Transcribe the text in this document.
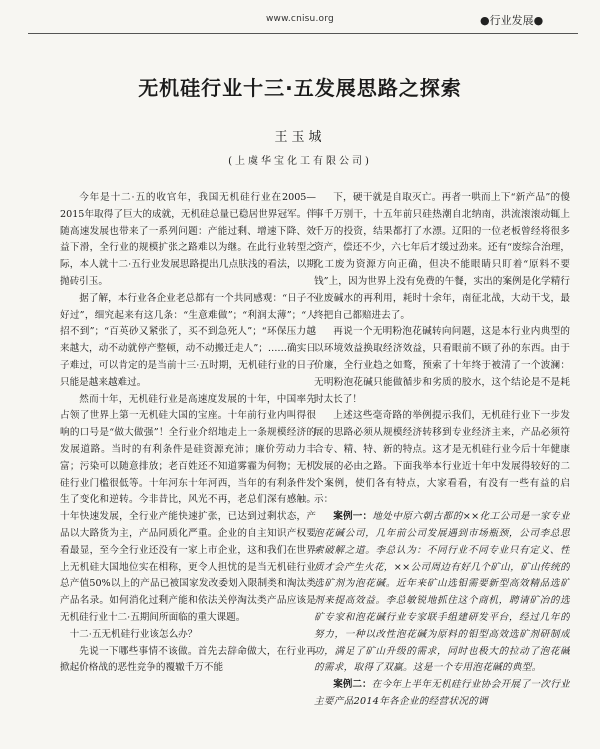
www.cnisu.org	●行业发展●
无机硅行业十三·五发展思路之探索
王玉城
(上虞华宝化工有限公司)

今年是十二·五的收官年，我国无机硅行业在2005—2015年取得了巨大的成就，无机硅总量已稳居世界冠军。伴随高速发展也带来了一系列问题：产能过剩、增速下降、效益下滑，全行业的规模扩张之路难以为继。在此行业转型之际，本人就十二·五行业发展思路提出几点肤浅的看法，以期抛砖引玉。

据了解，本行业各企业老总都有一个共同感观：“日子不好过”，细究起来有这几条：“生意难做”；“利润太薄”；“人招不到”；“百英砂又紧张了，买不到急死人”；“环保压力越来越大，动不动就停产整顿，动不动搬迁走人”；……确实日子难过，可以肯定的是当前十三·五时期，无机硅行业的日子只能是越来越难过。

然而十年，无机硅行业是高速度发展的十年，中国率先占领了世界上第一无机硅大国的宝座。十年前行业内叫得很响的口号是“做大做强”！全行业介绍地走上一条规模经济的发展道路。当时的有利条件是硅资源充沛；廉价劳动力丰富；污染可以随意排放；老百姓还不知道雾霾为何物；无机硅行业门槛很低等。十年河东十年河西，当年的有利条件发生了变化和逆转。今非昔比，风光不再，老总们深有感触。十年快速发展，全行业产能快速扩张，已达到过剩状态，产品以大路货为主，产品同质化严重。企业的自主知识产权要看最显，至今全行业还没有一家上市企业，这和我们在世界上无机硅大国地位实在相称，更令人担忧的是当无机硅行业总产值50%以上的产品已被国家发改委划入限制类和淘汰类产品名录。如何消化过剩产能和依法关停淘汰类产品应该是无机硅行业十二·五期间所面临的重大课题。

十二·五无机硅行业该怎么办？

先说一下哪些事情不该做。首先去辞命做大，在行业再掀起价格战的恶性竞争的覆辙千万不能

下，硬干就是自取灭亡。再者一哄而上下“新产品”的傻事千万别干，十五年前只硅热潮自北纳南，洪流滚滚动辄上千万的投资，结果都打了水漂。辽阳的一位老板曾经将很多资产，偿还不少，六七年后才缓过劲来。还有“废综合治理，化工废为资源方向正确，但决不能眼睛只盯着“原料不要钱”上，因为世界上没有免费的午餐，实出的案例是化学精行业废碱水的再利用，耗时十余年，南征北战，大动干戈，最终把自己都赔进去了。

再说一个无明粉泡花碱转向问题，这是本行业内典型的以环境效益换取经济效益，只看眼前不顾了孙的东西。由于价廉，全行业趋之如鹜，预索了十年终于被清了一个波澜：无明粉泡花碱只能做循步和劣质的胶水，这个结论是不是耗时太长了！

上述这些毫奇路的举例提示我们，无机硅行业下一步发展的思路必须从规模经济转移到专业经济主来，产品必须符合专、精、特、新的特点。这才是无机硅行业今后十年健康发展的必由之路。下面我举本行业近十年中发展得较好的二个案例，使们各有特点，大家看看，有没有一些有益的启示：

案例一：地处中原六朝古都的××化工公司是一家专业泡花碱公司，几年前公司发展遇到市场瓶颈，公司李总思索破解之道。李总认为：不同行业不同专业只有定义、性质才会产生火花，××公司周边有好几个矿山，矿山传统的选矿剂为泡花碱。近年来矿山选钼需要新型高效精品选矿剂来提高效益。李总敏锐地抓住这个商机，聘请矿冶的选矿专家和泡花碱行业专家联手组建研发平台，经过几年的努力，一种以改性泡花碱为原料的钼型高效选矿剂研制成功，满足了矿山升级的需求，同时也极大的拉动了泡花碱的需求，取得了双赢。这是一个专用泡花碱的典型。

案例二：在今年上半年无机硅行业协会开展了一次行业主要产品2014年各企业的经营状况的调
